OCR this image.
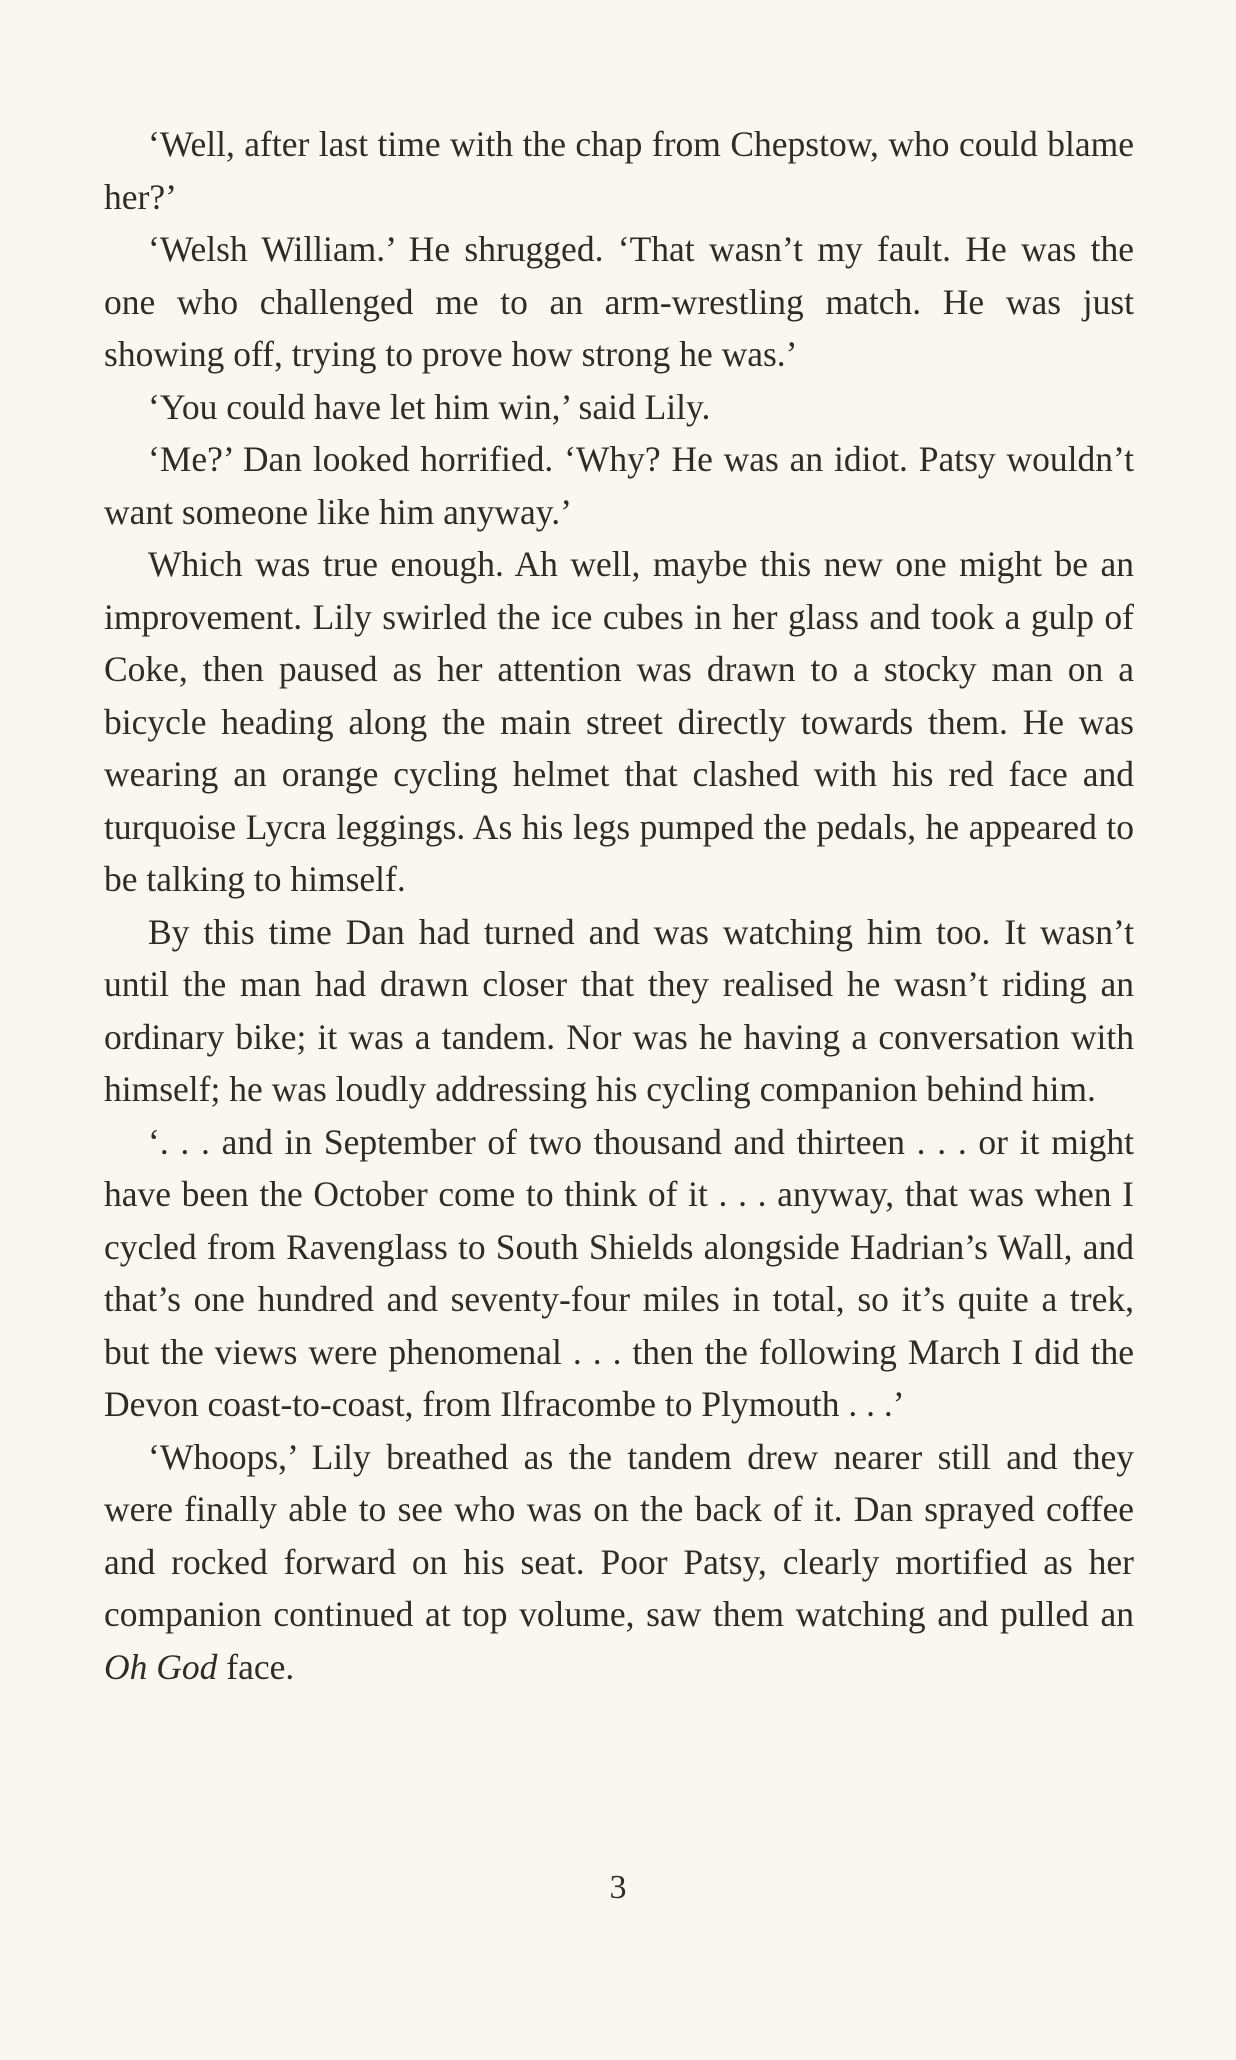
‘Well, after last time with the chap from Chepstow, who could blame her?’

‘Welsh William.’ He shrugged. ‘That wasn’t my fault. He was the one who challenged me to an arm-wrestling match. He was just showing off, trying to prove how strong he was.’

‘You could have let him win,’ said Lily.

‘Me?’ Dan looked horrified. ‘Why? He was an idiot. Patsy wouldn’t want someone like him anyway.’

Which was true enough. Ah well, maybe this new one might be an improvement. Lily swirled the ice cubes in her glass and took a gulp of Coke, then paused as her attention was drawn to a stocky man on a bicycle heading along the main street directly towards them. He was wearing an orange cycling helmet that clashed with his red face and turquoise Lycra leggings. As his legs pumped the pedals, he appeared to be talking to himself.

By this time Dan had turned and was watching him too. It wasn’t until the man had drawn closer that they realised he wasn’t riding an ordinary bike; it was a tandem. Nor was he having a conversation with himself; he was loudly addressing his cycling companion behind him.

‘. . . and in September of two thousand and thirteen . . . or it might have been the October come to think of it . . . anyway, that was when I cycled from Ravenglass to South Shields alongside Hadrian’s Wall, and that’s one hundred and seventy-four miles in total, so it’s quite a trek, but the views were phenomenal . . . then the following March I did the Devon coast-to-coast, from Ilfracombe to Plymouth . . .’

‘Whoops,’ Lily breathed as the tandem drew nearer still and they were finally able to see who was on the back of it. Dan sprayed coffee and rocked forward on his seat. Poor Patsy, clearly mortified as her companion continued at top volume, saw them watching and pulled an Oh God face.

3
